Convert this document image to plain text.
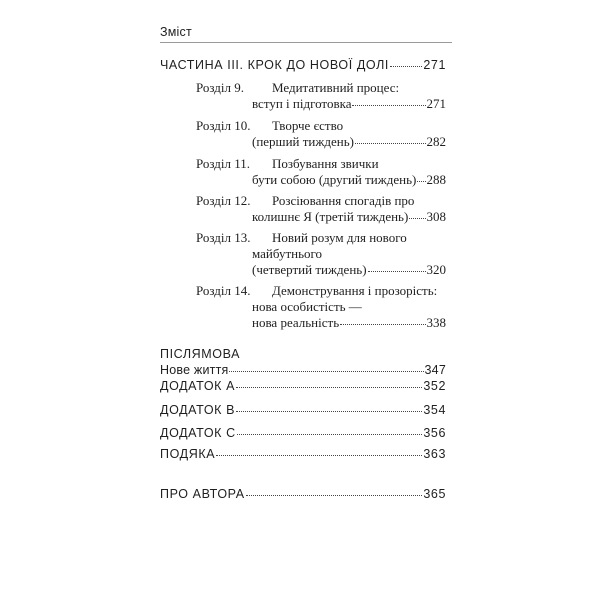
Зміст
ЧАСТИНА ІІІ. КРОК ДО НОВОЇ ДОЛІ	271
Розділ 9.	Медитативний процес:
вступ і підготовка	271
Розділ 10.	Творче єство
(перший тиждень)	282
Розділ 11.	Позбування звички
бути собою (другий тиждень) 288
Розділ 12.	Розсіювання спогадів про
колишнє Я (третій тиждень) 308
Розділ 13.	Новий розум для нового
майбутнього
(четвертий тиждень)	320
Розділ 14.	Демонстрування і прозорість:
нова особистість —
нова реальність	338
ПІСЛЯМОВА
Нове життя	347
ДОДАТОК А	352
ДОДАТОК В	354
ДОДАТОК С	356
ПОДЯКА	363
ПРО АВТОРА	365
